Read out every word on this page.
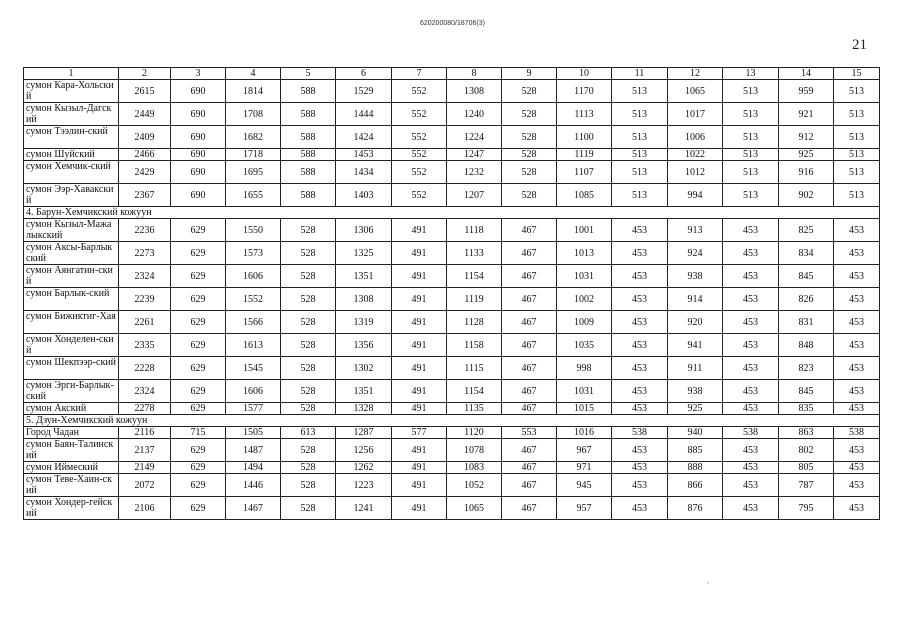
620200080/18706(3)
21
1	2	3	4	5	6	7	8	9	10	11	12	13	14	15
сумон Кара-Хольский	2615	690	1814	588	1529	552	1308	528	1170	513	1065	513	959	513
сумон Кызыл-Дагский	2449	690	1708	588	1444	552	1240	528	1113	513	1017	513	921	513
сумон Тээлин-ский	2409	690	1682	588	1424	552	1224	528	1100	513	1006	513	912	513
сумон Шуйский	2466	690	1718	588	1453	552	1247	528	1119	513	1022	513	925	513
сумон Хемчик-ский	2429	690	1695	588	1434	552	1232	528	1107	513	1012	513	916	513
сумон Ээр-Хавакский	2367	690	1655	588	1403	552	1207	528	1085	513	994	513	902	513
4. Барун-Хемчикский кожуун														
сумон Кызыл-Мажалыкский	2236	629	1550	528	1306	491	1118	467	1001	453	913	453	825	453
сумон Аксы-Барлыкский	2273	629	1573	528	1325	491	1133	467	1013	453	924	453	834	453
сумон Аянгатин-ский	2324	629	1606	528	1351	491	1154	467	1031	453	938	453	845	453
сумон Барлык-ский	2239	629	1552	528	1308	491	1119	467	1002	453	914	453	826	453
сумон Бижиктиг-Хая	2261	629	1566	528	1319	491	1128	467	1009	453	920	453	831	453
сумон Хонделен-ский	2335	629	1613	528	1356	491	1158	467	1035	453	941	453	848	453
сумон Шекпээр-ский	2228	629	1545	528	1302	491	1115	467	998	453	911	453	823	453
сумон Эрги-Барлык-ский	2324	629	1606	528	1351	491	1154	467	1031	453	938	453	845	453
сумон Акский	2278	629	1577	528	1328	491	1135	467	1015	453	925	453	835	453
5. Дзун-Хемчикский кожуун														
Город Чадан	2116	715	1505	613	1287	577	1120	553	1016	538	940	538	863	538
сумон Баян-Талинский	2137	629	1487	528	1256	491	1078	467	967	453	885	453	802	453
сумон Иймеский	2149	629	1494	528	1262	491	1083	467	971	453	888	453	805	453
сумон Теве-Хаин-ский	2072	629	1446	528	1223	491	1052	467	945	453	866	453	787	453
сумон Хондер-гейский	2106	629	1467	528	1241	491	1065	467	957	453	876	453	795	453
,
